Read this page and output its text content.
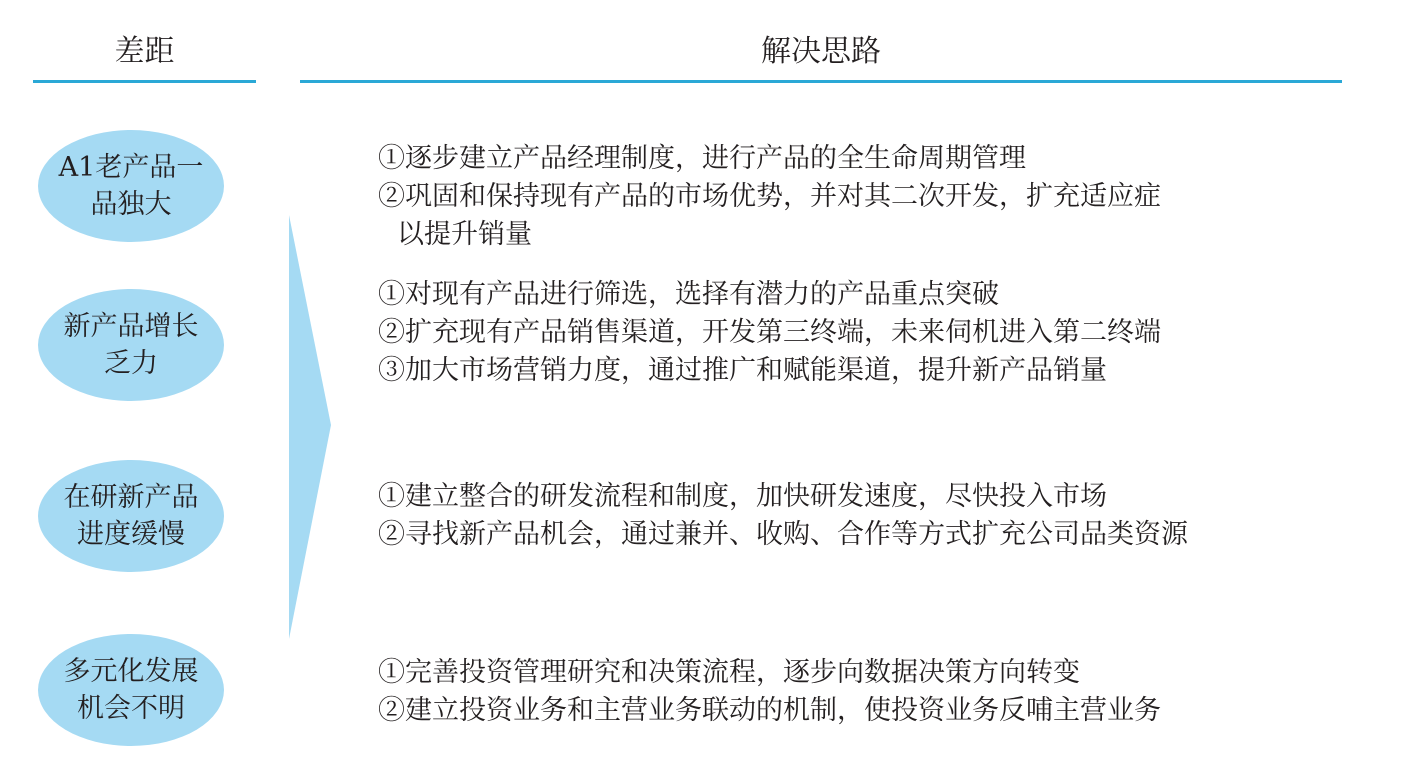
差距	解决思路
A1老产品一品独大
新产品增长乏力
在研新产品进度缓慢
多元化发展机会不明
①逐步建立产品经理制度，进行产品的全生命周期管理
②巩固和保持现有产品的市场优势，并对其二次开发，扩充适应症
以提升销量
①对现有产品进行筛选，选择有潜力的产品重点突破
②扩充现有产品销售渠道，开发第三终端，未来伺机进入第二终端
③加大市场营销力度，通过推广和赋能渠道，提升新产品销量
①建立整合的研发流程和制度，加快研发速度，尽快投入市场
②寻找新产品机会，通过兼并、收购、合作等方式扩充公司品类资源
①完善投资管理研究和决策流程，逐步向数据决策方向转变
②建立投资业务和主营业务联动的机制，使投资业务反哺主营业务
